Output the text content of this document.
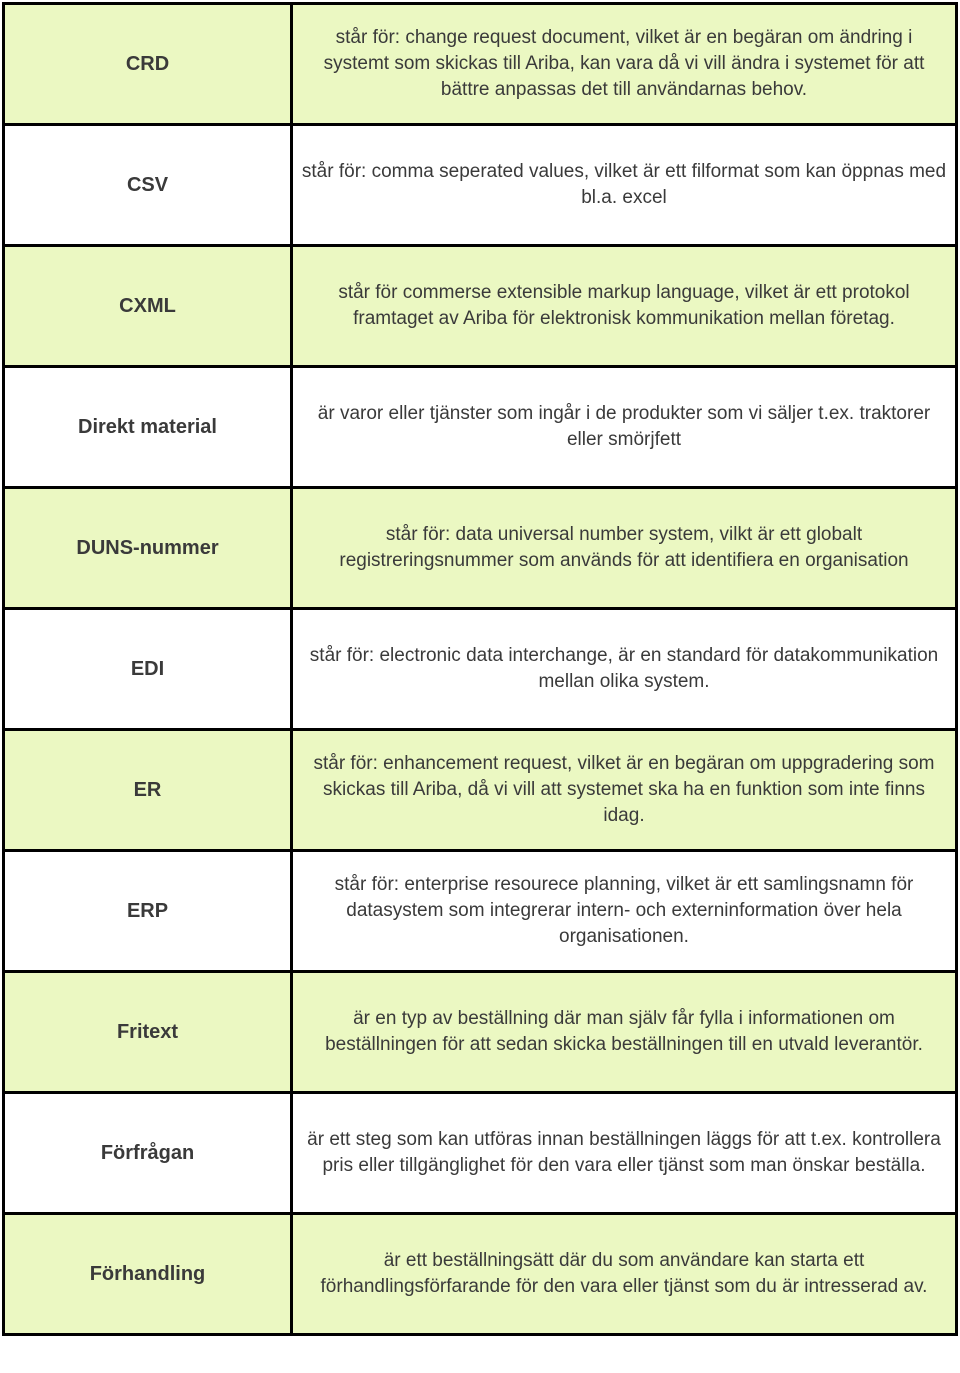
CRD	står för: change request document, vilket är en begäran om ändring i systemt som skickas till Ariba, kan vara då vi vill ändra i systemet för att bättre anpassas det till användarnas behov.
CSV	står för: comma seperated values, vilket är ett filformat som kan öppnas med bl.a. excel
CXML	står för commerse extensible markup language, vilket är ett protokol framtaget av Ariba för elektronisk kommunikation mellan företag.
Direkt material	är varor eller tjänster som ingår i de produkter som vi säljer t.ex. traktorer eller smörjfett
DUNS-nummer	står för: data universal number system, vilkt är ett globalt registreringsnummer som används för att identifiera en organisation
EDI	står för: electronic data interchange, är en standard för datakommunikation mellan olika system.
ER	står för: enhancement request, vilket är en begäran om uppgradering som skickas till Ariba, då vi vill att systemet ska ha en funktion som inte finns idag.
ERP	står för: enterprise resourece planning, vilket är ett samlingsnamn för datasystem som integrerar intern- och externinformation över hela organisationen.
Fritext	är en typ av beställning där man själv får fylla i informationen om beställningen för att sedan skicka beställningen till en utvald leverantör.
Förfrågan	är ett steg som kan utföras innan beställningen läggs för att t.ex. kontrollera pris eller tillgänglighet för den vara eller tjänst som man önskar beställa.
Förhandling	är ett beställningsätt där du som användare kan starta ett förhandlingsförfarande för den vara eller tjänst som du är intresserad av.
